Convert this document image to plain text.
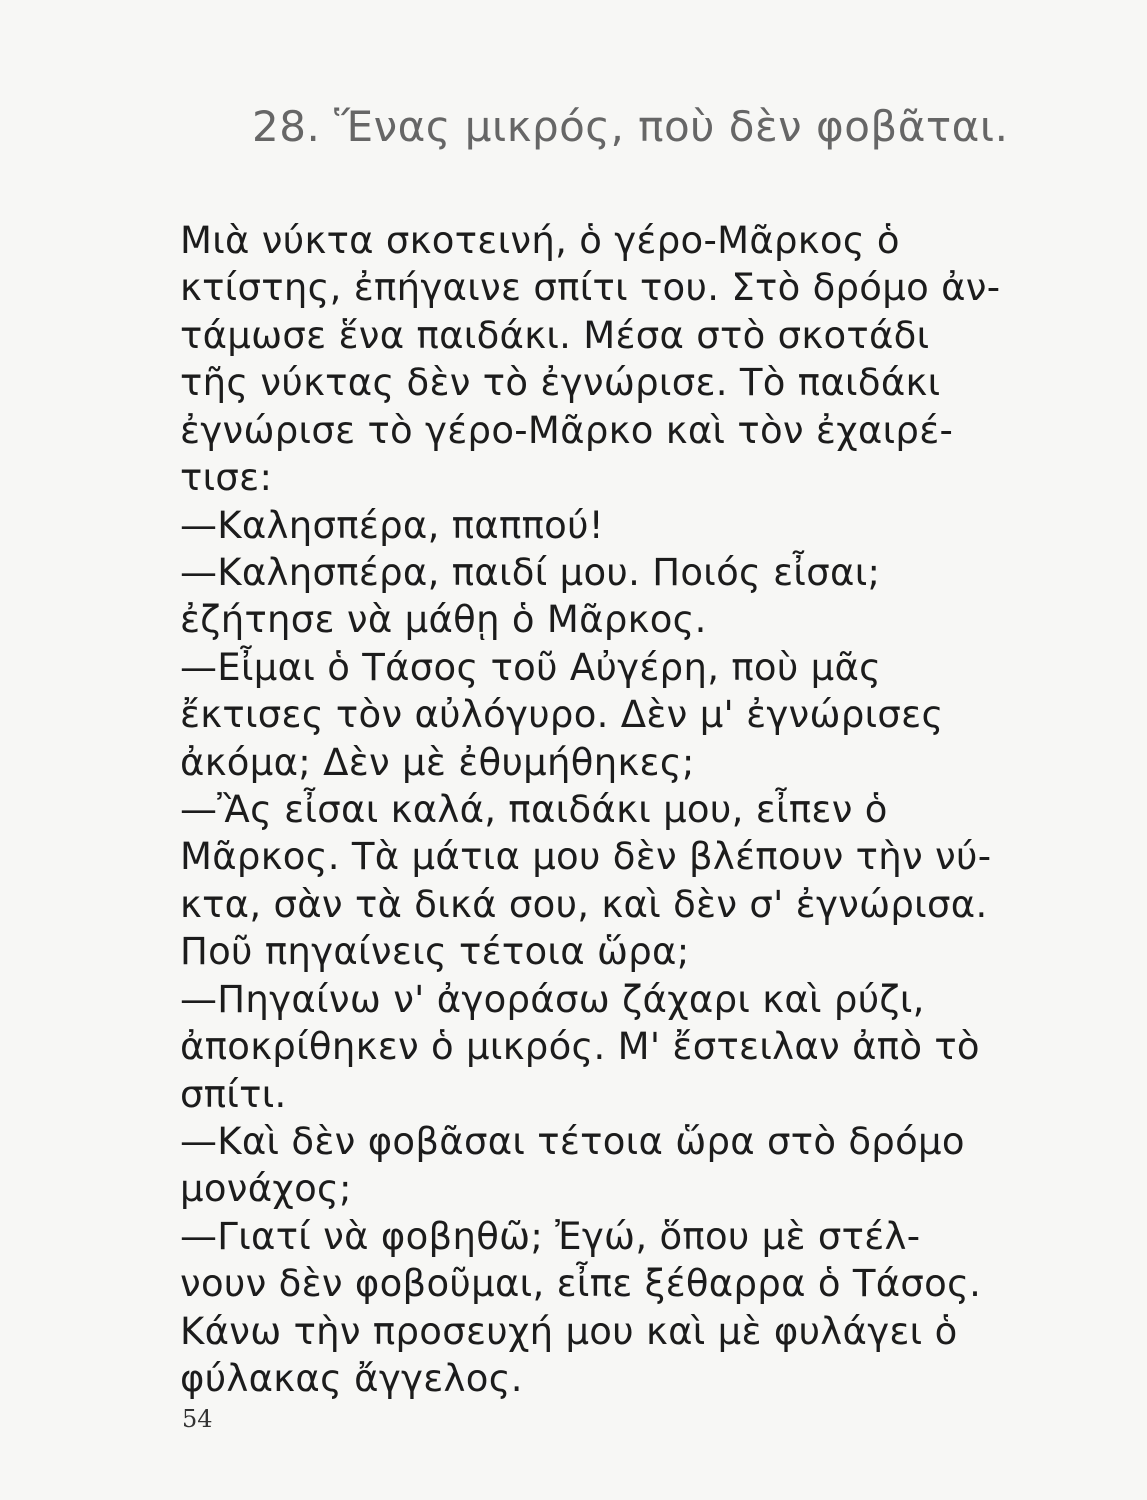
28. Ἕνας μικρός, ποὺ δὲν φοβᾶται.
Μιὰ νύκτα σκοτεινή, ὁ γέρο-Μᾶρκος ὁ
κτίστης, ἐπήγαινε σπίτι του. Στὸ δρόμο ἀν-
τάμωσε ἕνα παιδάκι. Μέσα στὸ σκοτάδι
τῆς νύκτας δὲν τὸ ἐγνώρισε. Τὸ παιδάκι
ἐγνώρισε τὸ γέρο-Μᾶρκο καὶ τὸν ἐχαιρέ-
τισε:
—Καλησπέρα, παππού!
—Καλησπέρα, παιδί μου. Ποιός εἶσαι;
ἐζήτησε νὰ μάθῃ ὁ Μᾶρκος.
—Εἶμαι ὁ Τάσος τοῦ Αὐγέρη, ποὺ μᾶς
ἔκτισες τὸν αὐλόγυρο. Δὲν μ' ἐγνώρισες
ἀκόμα; Δὲν μὲ ἐθυμήθηκες;
—Ἂς εἶσαι καλά, παιδάκι μου, εἶπεν ὁ
Μᾶρκος. Τὰ μάτια μου δὲν βλέπουν τὴν νύ-
κτα, σὰν τὰ δικά σου, καὶ δὲν σ' ἐγνώρισα.
Ποῦ πηγαίνεις τέτοια ὥρα;
—Πηγαίνω ν' ἀγοράσω ζάχαρι καὶ ρύζι,
ἀποκρίθηκεν ὁ μικρός. Μ' ἔστειλαν ἀπὸ τὸ
σπίτι.
—Καὶ δὲν φοβᾶσαι τέτοια ὥρα στὸ δρόμο
μονάχος;
—Γιατί νὰ φοβηθῶ; Ἐγώ, ὅπου μὲ στέλ-
νουν δὲν φοβοῦμαι, εἶπε ξέθαρρα ὁ Τάσος.
Κάνω τὴν προσευχή μου καὶ μὲ φυλάγει ὁ
φύλακας ἄγγελος.
54
